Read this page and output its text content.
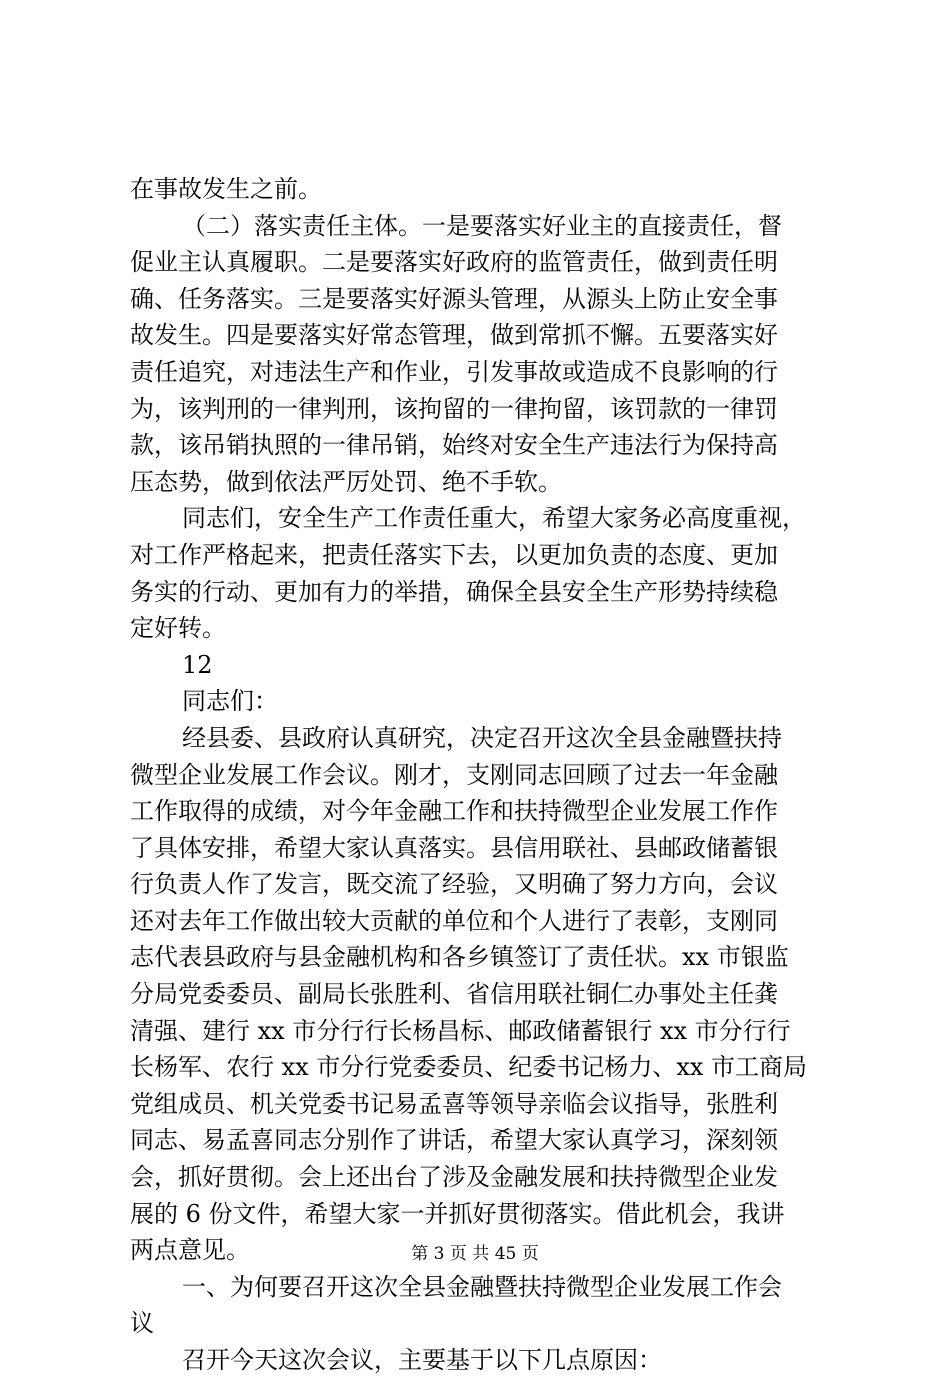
在事故发生之前。
（二）落实责任主体。一是要落实好业主的直接责任，督
促业主认真履职。二是要落实好政府的监管责任，做到责任明
确、任务落实。三是要落实好源头管理，从源头上防止安全事
故发生。四是要落实好常态管理，做到常抓不懈。五要落实好
责任追究，对违法生产和作业，引发事故或造成不良影响的行
为，该判刑的一律判刑，该拘留的一律拘留，该罚款的一律罚
款，该吊销执照的一律吊销，始终对安全生产违法行为保持高
压态势，做到依法严厉处罚、绝不手软。
同志们，安全生产工作责任重大，希望大家务必高度重视，
对工作严格起来，把责任落实下去，以更加负责的态度、更加
务实的行动、更加有力的举措，确保全县安全生产形势持续稳
定好转。
12
同志们：
经县委、县政府认真研究，决定召开这次全县金融暨扶持
微型企业发展工作会议。刚才，支刚同志回顾了过去一年金融
工作取得的成绩，对今年金融工作和扶持微型企业发展工作作
了具体安排，希望大家认真落实。县信用联社、县邮政储蓄银
行负责人作了发言，既交流了经验，又明确了努力方向，会议
还对去年工作做出较大贡献的单位和个人进行了表彰，支刚同
志代表县政府与县金融机构和各乡镇签订了责任状。xx 市银监
分局党委委员、副局长张胜利、省信用联社铜仁办事处主任龚
清强、建行 xx 市分行行长杨昌标、邮政储蓄银行 xx 市分行行
长杨军、农行 xx 市分行党委委员、纪委书记杨力、xx 市工商局
党组成员、机关党委书记易孟喜等领导亲临会议指导，张胜利
同志、易孟喜同志分别作了讲话，希望大家认真学习，深刻领
会，抓好贯彻。会上还出台了涉及金融发展和扶持微型企业发
展的 6 份文件，希望大家一并抓好贯彻落实。借此机会，我讲
两点意见。
一、为何要召开这次全县金融暨扶持微型企业发展工作会
议
召开今天这次会议，主要基于以下几点原因：
第 3 页 共 45 页
